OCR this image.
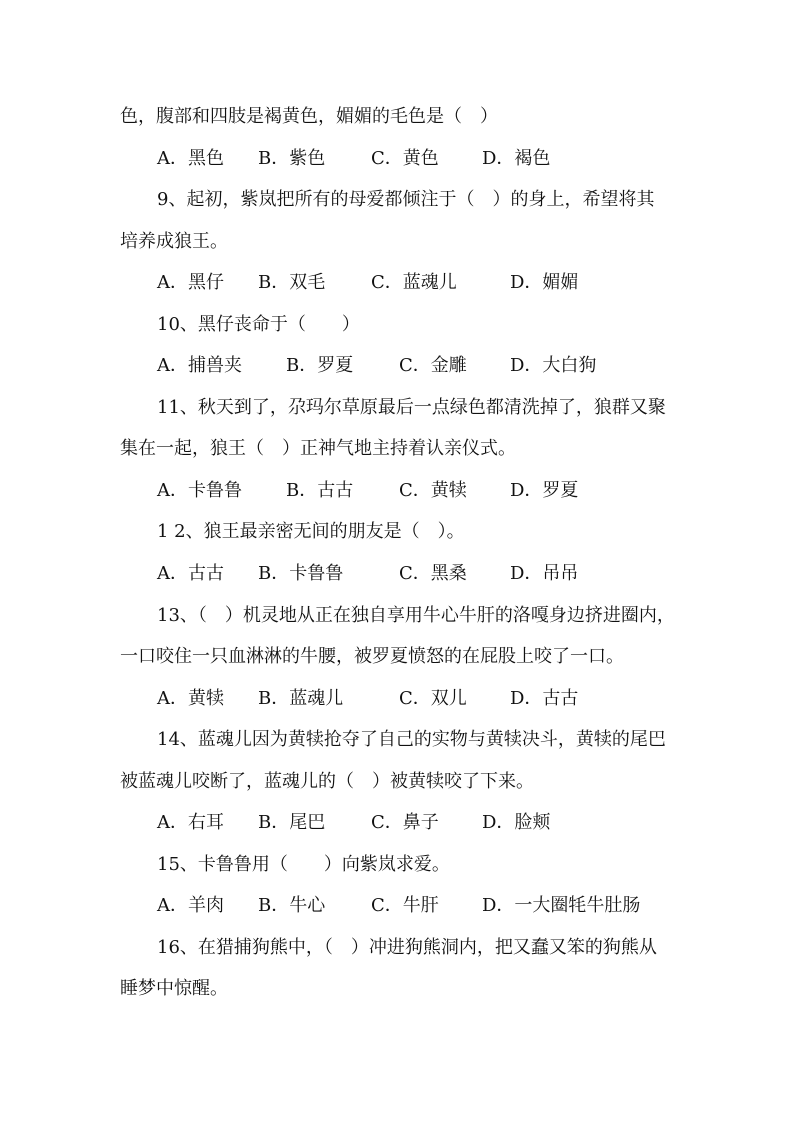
色，腹部和四肢是褐黄色，媚媚的毛色是（　）
A．黑色 B．紫色	C．黄色 D．褐色
9、起初，紫岚把所有的母爱都倾注于（　）的身上，希望将其
培养成狼王。
A．黑仔 B．双毛	C．蓝魂儿	D．媚媚
10、黑仔丧命于（　　）
A．捕兽夹 B．罗夏	C．金雕 D．大白狗
11、秋天到了，尕玛尔草原最后一点绿色都清洗掉了，狼群又聚
集在一起，狼王（　）正神气地主持着认亲仪式。
A．卡鲁鲁 B．古古	C．黄犊 D．罗夏
1 2、狼王最亲密无间的朋友是（　）。
A．古古 B．卡鲁鲁	C．黑桑 D．吊吊
13、（　）机灵地从正在独自享用牛心牛肝的洛嘎身边挤进圈内，
一口咬住一只血淋淋的牛腰，被罗夏愤怒的在屁股上咬了一口。
A．黄犊 B．蓝魂儿	C．双儿 D．古古
14、蓝魂儿因为黄犊抢夺了自己的实物与黄犊决斗，黄犊的尾巴
被蓝魂儿咬断了，蓝魂儿的（　）被黄犊咬了下来。
A．右耳 B．尾巴	C．鼻子 D．脸颊
15、卡鲁鲁用（　　）向紫岚求爱。
A．羊肉 B．牛心	C．牛肝 D．一大圈牦牛肚肠
16、在猎捕狗熊中，（　）冲进狗熊洞内，把又蠢又笨的狗熊从
睡梦中惊醒。
